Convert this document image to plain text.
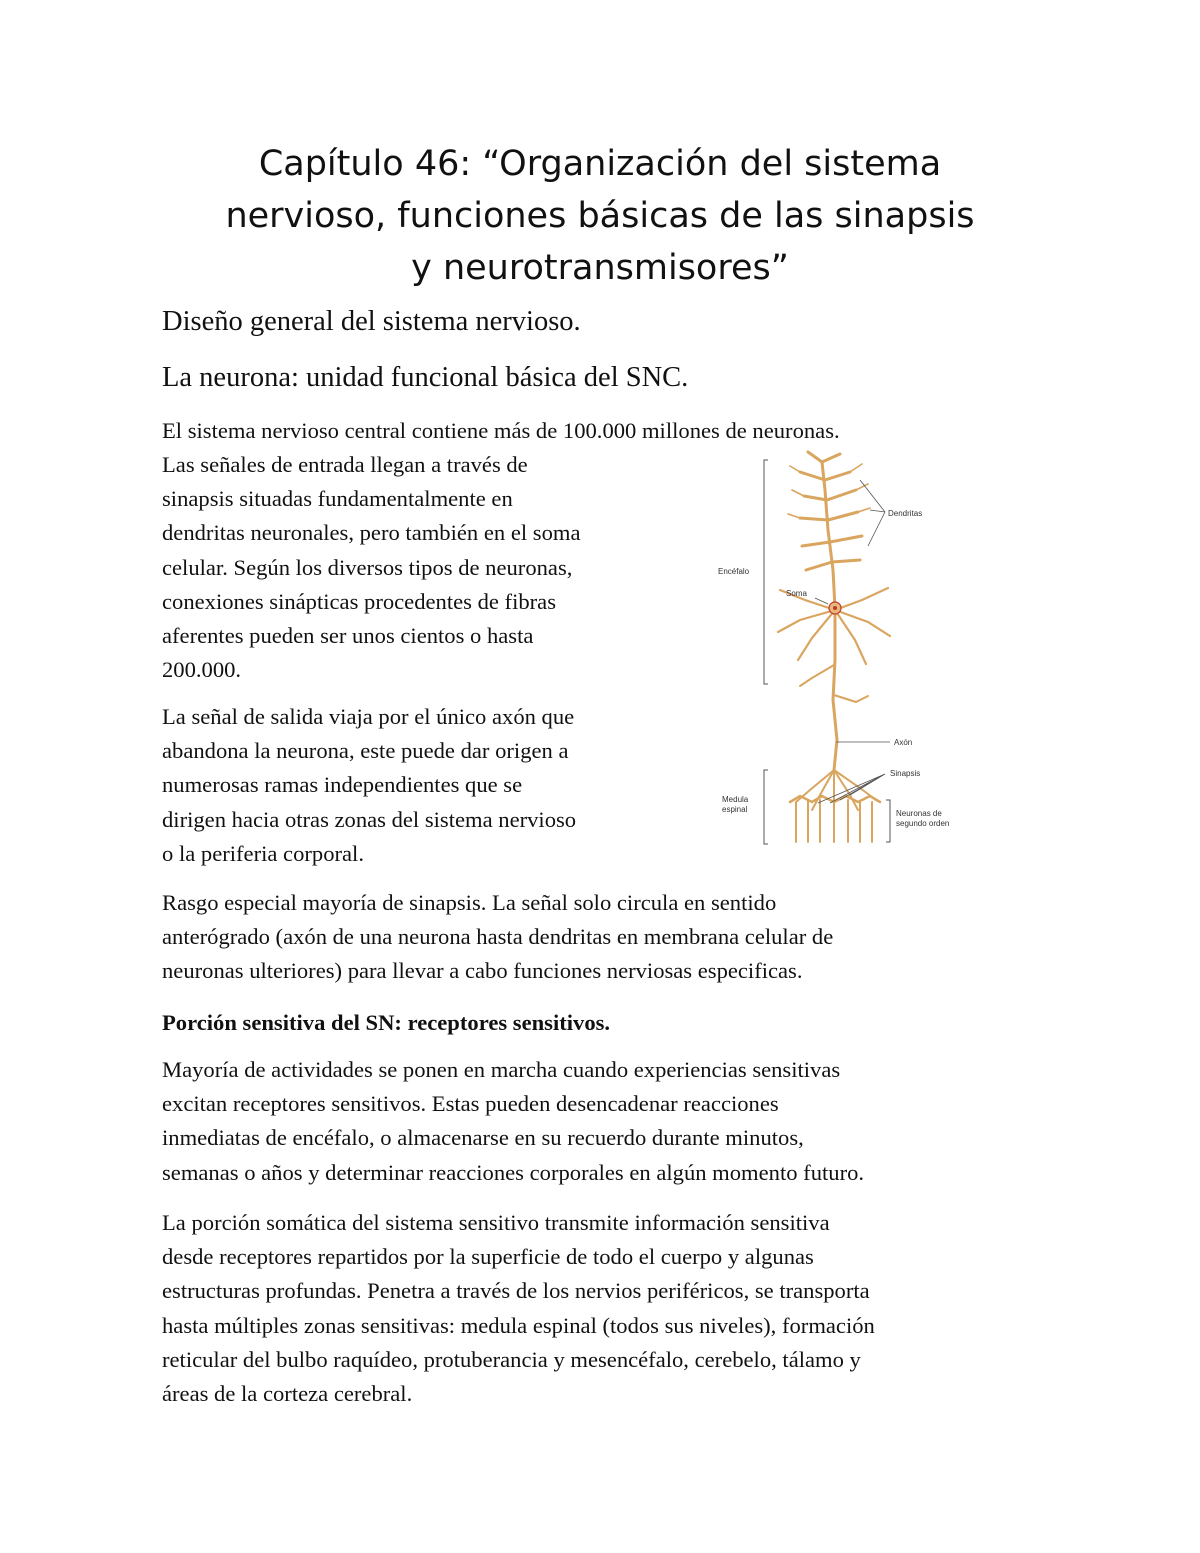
Capítulo 46: “Organización del sistema
nervioso, funciones básicas de las sinapsis
y neurotransmisores”
Diseño general del sistema nervioso.
La neurona: unidad funcional básica del SNC.

El sistema nervioso central contiene más de 100.000 millones de neuronas.

Las señales de entrada llegan a través de
sinapsis situadas fundamentalmente en
dendritas neuronales, pero también en el soma
celular. Según los diversos tipos de neuronas,
conexiones sinápticas procedentes de fibras
aferentes pueden ser unos cientos o hasta
200.000.

La señal de salida viaja por el único axón que
abandona la neurona, este puede dar origen a
numerosas ramas independientes que se
dirigen hacia otras zonas del sistema nervioso
o la periferia corporal.

Rasgo especial mayoría de sinapsis. La señal solo circula en sentido
anterógrado (axón de una neurona hasta dendritas en membrana celular de
neuronas ulteriores) para llevar a cabo funciones nerviosas especificas.

Porción sensitiva del SN: receptores sensitivos.

Mayoría de actividades se ponen en marcha cuando experiencias sensitivas
excitan receptores sensitivos. Estas pueden desencadenar reacciones
inmediatas de encéfalo, o almacenarse en su recuerdo durante minutos,
semanas o años y determinar reacciones corporales en algún momento futuro.

La porción somática del sistema sensitivo transmite información sensitiva
desde receptores repartidos por la superficie de todo el cuerpo y algunas
estructuras profundas. Penetra a través de los nervios periféricos, se transporta
hasta múltiples zonas sensitivas: medula espinal (todos sus niveles), formación
reticular del bulbo raquídeo, protuberancia y mesencéfalo, cerebelo, tálamo y
áreas de la corteza cerebral.

Dendritas
Encéfalo
Soma
Axón
Sinapsis
Medula
espinal	Neuronas de
segundo orden
